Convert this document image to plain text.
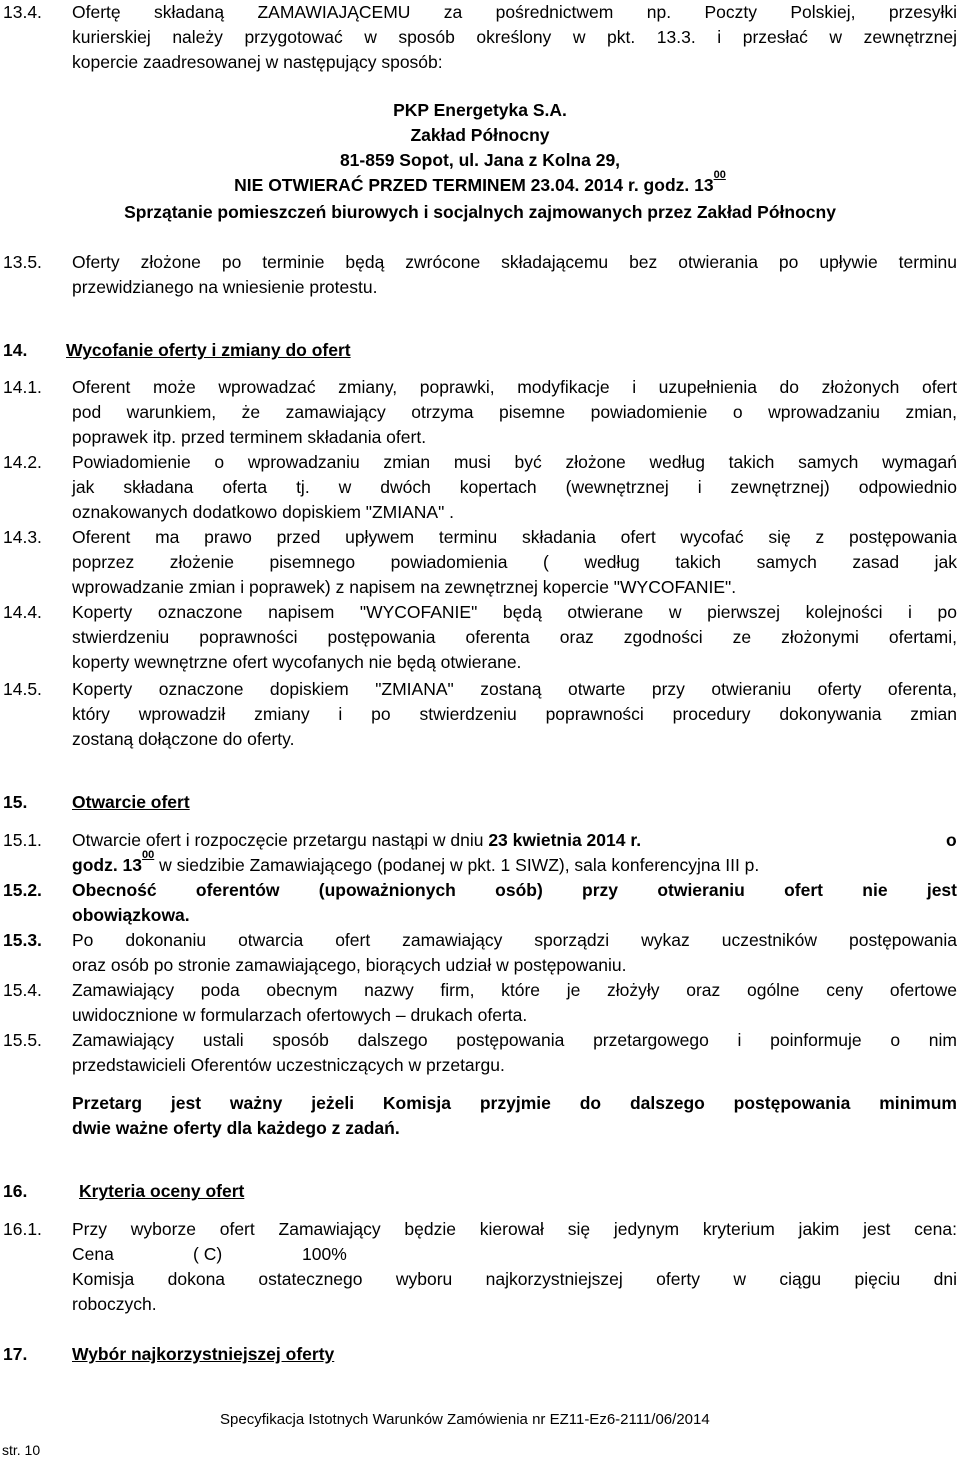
13.4. Ofertę składaną ZAMAWIAJĄCEMU za pośrednictwem np. Poczty Polskiej, przesyłki
kurierskiej należy przygotować w sposób określony w pkt. 13.3. i przesłać w zewnętrznej
kopercie zaadresowanej w następujący sposób:
PKP Energetyka S.A.
Zakład Północny
81-859 Sopot, ul. Jana z Kolna 29,
NIE OTWIERAĆ PRZED TERMINEM 23.04. 2014 r. godz. $13^{00}$
Sprzątanie pomieszczeń biurowych i socjalnych zajmowanych przez Zakład Północny
13.5. Oferty złożone po terminie będą zwrócone składającemu bez otwierania po upływie terminu
przewidzianego na wniesienie protestu.
14. Wycofanie oferty i zmiany do ofert
14.1. Oferent może wprowadzać zmiany, poprawki, modyfikacje i uzupełnienia do złożonych ofert
pod warunkiem, że zamawiający otrzyma pisemne powiadomienie o wprowadzaniu zmian,
poprawek itp. przed terminem składania ofert.
14.2. Powiadomienie o wprowadzaniu zmian musi być złożone według takich samych wymagań
jak składana oferta tj. w dwóch kopertach (wewnętrznej i zewnętrznej) odpowiednio
oznakowanych dodatkowo dopiskiem "ZMIANA" .
14.3. Oferent ma prawo przed upływem terminu składania ofert wycofać się z postępowania
poprzez złożenie pisemnego powiadomienia ( według takich samych zasad jak
wprowadzanie zmian i poprawek) z napisem na zewnętrznej kopercie "WYCOFANIE".
14.4. Koperty oznaczone napisem "WYCOFANIE" będą otwierane w pierwszej kolejności i po
stwierdzeniu poprawności postępowania oferenta oraz zgodności ze złożonymi ofertami,
koperty wewnętrzne ofert wycofanych nie będą otwierane.
14.5. Koperty oznaczone dopiskiem "ZMIANA" zostaną otwarte przy otwieraniu oferty oferenta,
który wprowadził zmiany i po stwierdzeniu poprawności procedury dokonywania zmian
zostaną dołączone do oferty.
15.	Otwarcie ofert
15.1. Otwarcie ofert i rozpoczęcie przetargu nastąpi w dniu 23 kwietnia 2014 r.	o
godz. $13^{00}$ w siedzibie Zamawiającego (podanej w pkt. 1 SIWZ), sala konferencyjna III p.
15.2. Obecność oferentów (upoważnionych osób) przy otwieraniu ofert nie jest
obowiązkowa.
15.3. Po dokonaniu otwarcia ofert zamawiający sporządzi wykaz uczestników postępowania
oraz osób po stronie zamawiającego, biorących udział w postępowaniu.
15.4. Zamawiający poda obecnym nazwy firm, które je złożyły oraz ogólne ceny ofertowe
uwidocznione w formularzach ofertowych – drukach oferta.
15.5. Zamawiający ustali sposób dalszego postępowania przetargowego i poinformuje o nim
przedstawicieli Oferentów uczestniczących w przetargu.
Przetarg jest ważny jeżeli Komisja przyjmie do dalszego postępowania minimum
dwie ważne oferty dla każdego z zadań.
16.	Kryteria oceny ofert
16.1. Przy wyborze ofert Zamawiający będzie kierował się jedynym kryterium jakim jest cena:
Cena	( C)	100%
Komisja dokona ostatecznego wyboru najkorzystniejszej oferty w ciągu pięciu dni
roboczych.
17.	Wybór najkorzystniejszej oferty
Specyfikacja Istotnych Warunków Zamówienia nr EZ11-Ez6-2111/06/2014
str. 10
